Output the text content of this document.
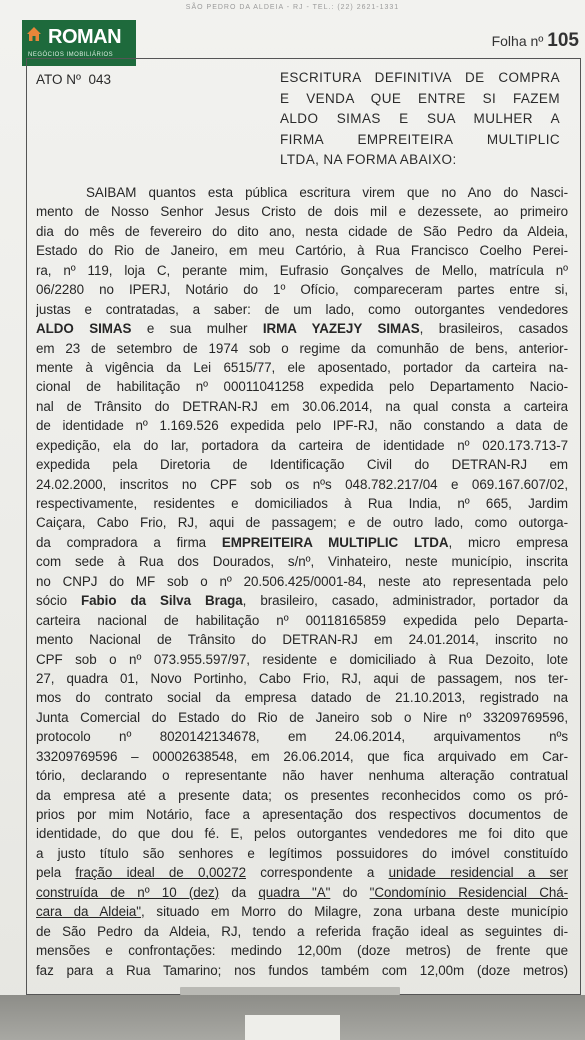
SÃO PEDRO DA ALDEIA - RJ - TEL.: (22) 2621-1331
ROMAN
NEGÓCIOS IMOBILIÁRIOS
Folha nº 105
ATO Nº 043	ESCRITURA DEFINITIVA DE COMPRA
E VENDA QUE ENTRE SI FAZEM
ALDO SIMAS E SUA MULHER A
FIRMA EMPREITEIRA MULTIPLIC
LTDA, NA FORMA ABAIXO:
SAIBAM quantos esta pública escritura virem que no Ano do Nasci-
mento de Nosso Senhor Jesus Cristo de dois mil e dezessete, ao primeiro
dia do mês de fevereiro do dito ano, nesta cidade de São Pedro da Aldeia,
Estado do Rio de Janeiro, em meu Cartório, à Rua Francisco Coelho Perei-
ra, nº 119, loja C, perante mim, Eufrasio Gonçalves de Mello, matrícula nº
06/2280 no IPERJ, Notário do 1º Ofício, compareceram partes entre si,
justas e contratadas, a saber: de um lado, como outorgantes vendedores
ALDO SIMAS e sua mulher IRMA YAZEJY SIMAS, brasileiros, casados
em 23 de setembro de 1974 sob o regime da comunhão de bens, anterior-
mente à vigência da Lei 6515/77, ele aposentado, portador da carteira na-
cional de habilitação nº 00011041258 expedida pelo Departamento Nacio-
nal de Trânsito do DETRAN-RJ em 30.06.2014, na qual consta a carteira
de identidade nº 1.169.526 expedida pelo IPF-RJ, não constando a data de
expedição, ela do lar, portadora da carteira de identidade nº 020.173.713-7
expedida pela Diretoria de Identificação Civil do DETRAN-RJ em
24.02.2000, inscritos no CPF sob os nºs 048.782.217/04 e 069.167.607/02,
respectivamente, residentes e domiciliados à Rua India, nº 665, Jardim
Caiçara, Cabo Frio, RJ, aqui de passagem; e de outro lado, como outorga-
da compradora a firma EMPREITEIRA MULTIPLIC LTDA, micro empresa
com sede à Rua dos Dourados, s/nº, Vinhateiro, neste município, inscrita
no CNPJ do MF sob o nº 20.506.425/0001-84, neste ato representada pelo
sócio Fabio da Silva Braga, brasileiro, casado, administrador, portador da
carteira nacional de habilitação nº 00118165859 expedida pelo Departa-
mento Nacional de Trânsito do DETRAN-RJ em 24.01.2014, inscrito no
CPF sob o nº 073.955.597/97, residente e domiciliado à Rua Dezoito, lote
27, quadra 01, Novo Portinho, Cabo Frio, RJ, aqui de passagem, nos ter-
mos do contrato social da empresa datado de 21.10.2013, registrado na
Junta Comercial do Estado do Rio de Janeiro sob o Nire nº 33209769596,
protocolo nº 8020142134678, em 24.06.2014, arquivamentos nºs
33209769596 – 00002638548, em 26.06.2014, que fica arquivado em Car-
tório, declarando o representante não haver nenhuma alteração contratual
da empresa até a presente data; os presentes reconhecidos como os pró-
prios por mim Notário, face a apresentação dos respectivos documentos de
identidade, do que dou fé. E, pelos outorgantes vendedores me foi dito que
a justo título são senhores e legítimos possuidores do imóvel constituído
pela fração ideal de 0,00272 correspondente a unidade residencial a ser
construída de nº 10 (dez) da quadra "A" do "Condomínio Residencial Chá-
cara da Aldeia", situado em Morro do Milagre, zona urbana deste município
de São Pedro da Aldeia, RJ, tendo a referida fração ideal as seguintes di-
mensões e confrontações: medindo 12,00m (doze metros) de frente que
faz para a Rua Tamarino; nos fundos também com 12,00m (doze metros)
